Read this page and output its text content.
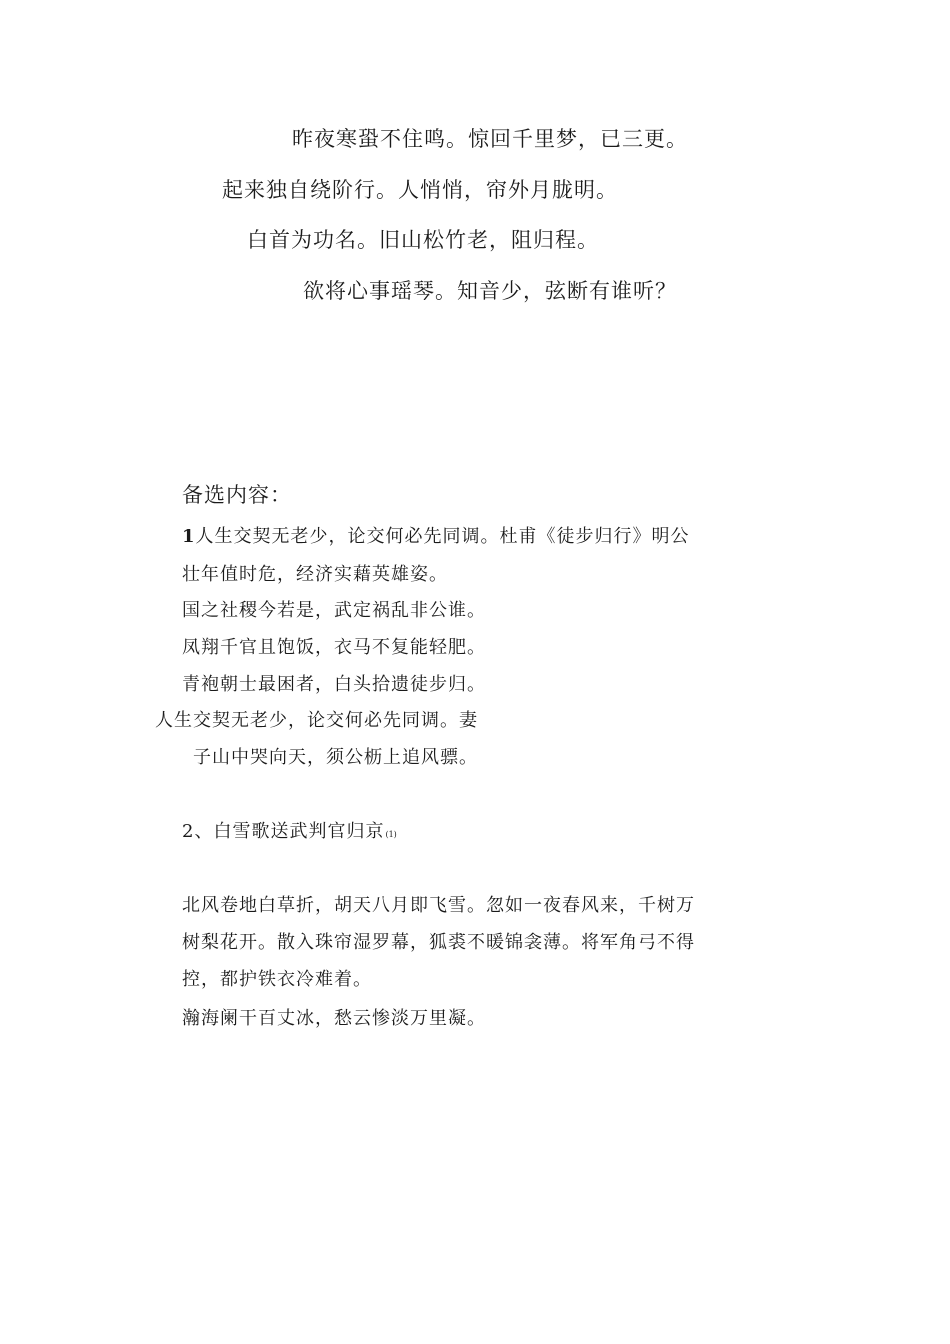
昨夜寒蛩不住鸣。惊回千里梦，已三更。
起来独自绕阶行。人悄悄，帘外月胧明。
白首为功名。旧山松竹老，阻归程。
欲将心事瑶琴。知音少，弦断有谁听？
备选内容：
1人生交契无老少，论交何必先同调。杜甫《徒步归行》明公
壮年值时危，经济实藉英雄姿。
国之社稷今若是，武定祸乱非公谁。
凤翔千官且饱饭，衣马不复能轻肥。
青袍朝士最困者，白头拾遗徒步归。
人生交契无老少，论交何必先同调。妻
子山中哭向天，须公枥上追风骠。
2、白雪歌送武判官归京(1)
北风卷地白草折，胡天八月即飞雪。忽如一夜春风来，千树万
树梨花开。散入珠帘湿罗幕，狐裘不暖锦衾薄。将军角弓不得
控，都护铁衣冷难着。
瀚海阑干百丈冰，愁云惨淡万里凝。
